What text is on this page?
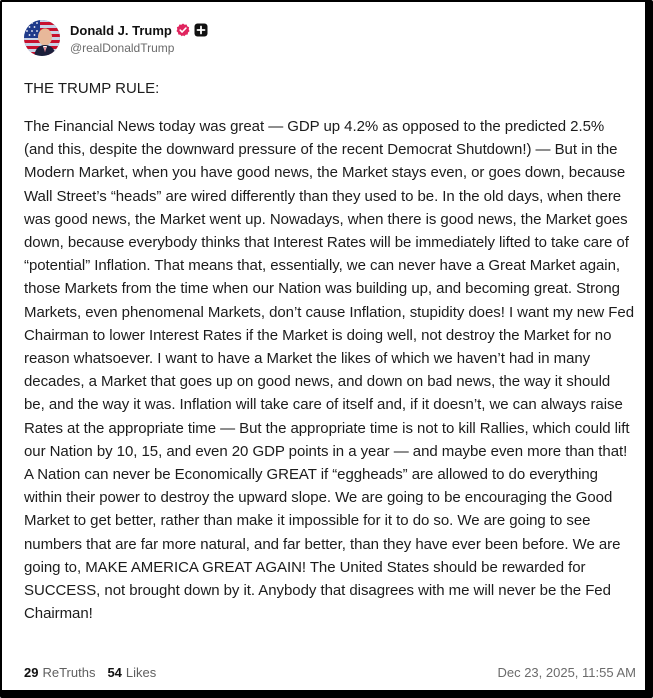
Donald J. Trump
@realDonaldTrump
THE TRUMP RULE:
The Financial News today was great — GDP up 4.2% as opposed to the predicted 2.5% (and this, despite the downward pressure of the recent Democrat Shutdown!) — But in the Modern Market, when you have good news, the Market stays even, or goes down, because Wall Street’s “heads” are wired differently than they used to be. In the old days, when there was good news, the Market went up. Nowadays, when there is good news, the Market goes down, because everybody thinks that Interest Rates will be immediately lifted to take care of “potential” Inflation. That means that, essentially, we can never have a Great Market again, those Markets from the time when our Nation was building up, and becoming great. Strong Markets, even phenomenal Markets, don’t cause Inflation, stupidity does! I want my new Fed Chairman to lower Interest Rates if the Market is doing well, not destroy the Market for no reason whatsoever. I want to have a Market the likes of which we haven’t had in many decades, a Market that goes up on good news, and down on bad news, the way it should be, and the way it was. Inflation will take care of itself and, if it doesn’t, we can always raise Rates at the appropriate time — But the appropriate time is not to kill Rallies, which could lift our Nation by 10, 15, and even 20 GDP points in a year — and maybe even more than that! A Nation can never be Economically GREAT if “eggheads” are allowed to do everything within their power to destroy the upward slope. We are going to be encouraging the Good Market to get better, rather than make it impossible for it to do so. We are going to see numbers that are far more natural, and far better, than they have ever been before. We are going to, MAKE AMERICA GREAT AGAIN! The United States should be rewarded for SUCCESS, not brought down by it. Anybody that disagrees with me will never be the Fed Chairman!
29 ReTruths 54 Likes	Dec 23, 2025, 11:55 AM
